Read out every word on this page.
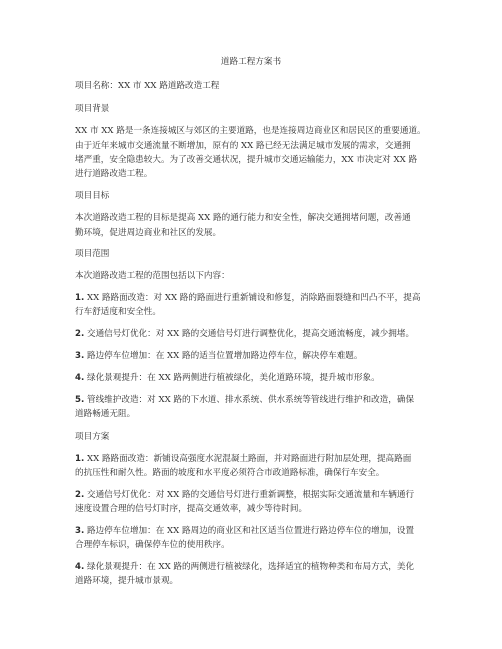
道路工程方案书
项目名称：XX 市 XX 路道路改造工程
项目背景
XX 市 XX 路是一条连接城区与郊区的主要道路，也是连接周边商业区和居民区的重要通道。
由于近年来城市交通流量不断增加，原有的 XX 路已经无法满足城市发展的需求，交通拥
堵严重，安全隐患较大。为了改善交通状况，提升城市交通运输能力，XX 市决定对 XX 路
进行道路改造工程。
项目目标
本次道路改造工程的目标是提高 XX 路的通行能力和安全性，解决交通拥堵问题，改善通
勤环境，促进周边商业和社区的发展。
项目范围
本次道路改造工程的范围包括以下内容：
1. XX 路路面改造：对 XX 路的路面进行重新铺设和修复，消除路面裂缝和凹凸不平，提高
行车舒适度和安全性。
2. 交通信号灯优化：对 XX 路的交通信号灯进行调整优化，提高交通流畅度，减少拥堵。
3. 路边停车位增加：在 XX 路的适当位置增加路边停车位，解决停车难题。
4. 绿化景观提升：在 XX 路两侧进行植被绿化，美化道路环境，提升城市形象。
5. 管线维护改造：对 XX 路的下水道、排水系统、供水系统等管线进行维护和改造，确保
道路畅通无阻。
项目方案
1. XX 路路面改造：新铺设高强度水泥混凝土路面，并对路面进行附加层处理，提高路面
的抗压性和耐久性。路面的坡度和水平度必须符合市政道路标准，确保行车安全。
2. 交通信号灯优化：对 XX 路的交通信号灯进行重新调整，根据实际交通流量和车辆通行
速度设置合理的信号灯时序，提高交通效率，减少等待时间。
3. 路边停车位增加：在 XX 路周边的商业区和社区适当位置进行路边停车位的增加，设置
合理停车标识，确保停车位的使用秩序。
4. 绿化景观提升：在 XX 路的两侧进行植被绿化，选择适宜的植物种类和布局方式，美化
道路环境，提升城市景观。
